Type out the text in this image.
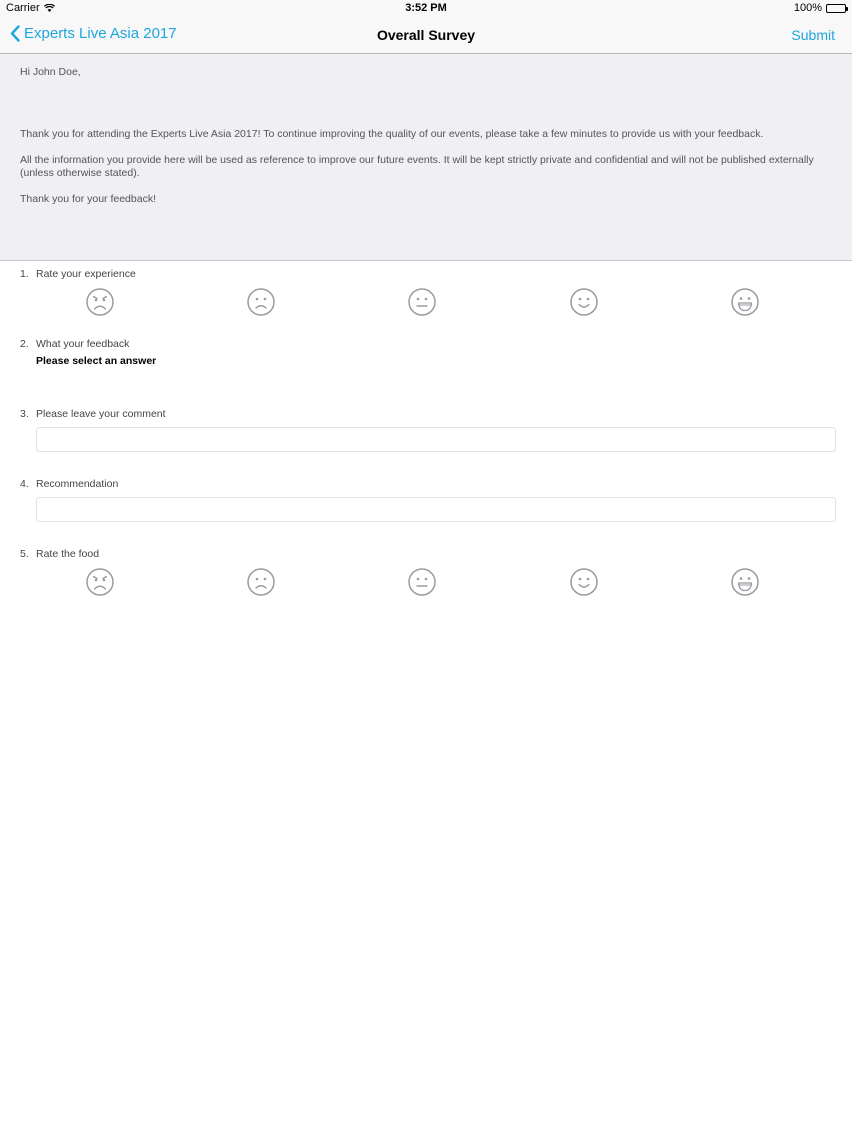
Carrier	3:52 PM	100%
Experts Live Asia 2017	Overall Survey	Submit

Hi John Doe,

Thank you for attending the Experts Live Asia 2017! To continue improving the quality of our events, please take a few minutes to provide us with your feedback.

All the information you provide here will be used as reference to improve our future events. It will be kept strictly private and confidential and will not be published externally (unless otherwise stated).

Thank you for your feedback!

1. Rate your experience
2. What your feedback
Please select an answer
3. Please leave your comment
4. Recommendation
5. Rate the food
